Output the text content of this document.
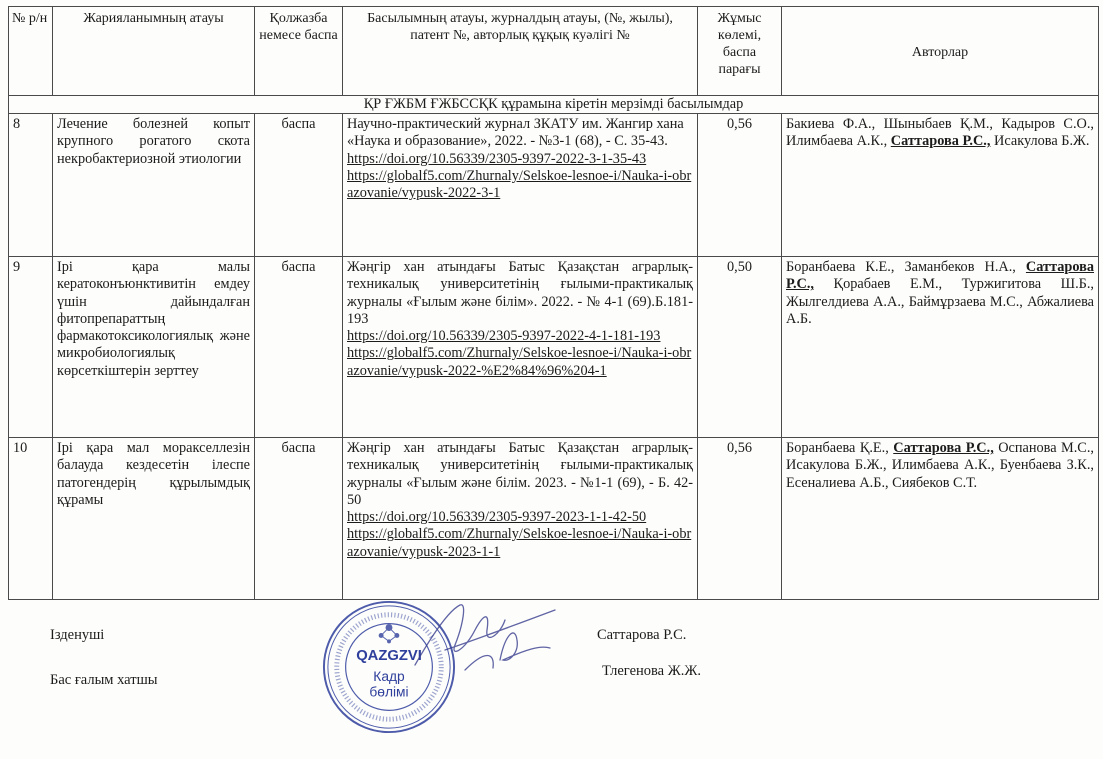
№ р/н	Жарияланымның атауы	Қолжазба немесе баспа	Басылымның атауы, журналдың атауы, (№, жылы), патент №, авторлық құқық куәлігі №	Жұмыс көлемі, баспа парағы	Авторлар
ҚР ҒЖБМ ҒЖБССҚК құрамына кіретін мерзімді басылымдар					
8	Лечение болезней копыт крупного рогатого скота некробактериозной этиологии	баспа	Научно-практический журнал ЗКАТУ им. Жангир хана «Наука и образование», 2022. - №3-1 (68), - С. 35-43.
https://doi.org/10.56339/2305-9397-2022-3-1-35-43
https://globalf5.com/Zhurnaly/Selskoe-lesnoe-i/Nauka-i-obrazovanie/vypusk-2022-3-1	0,56	Бакиева Ф.А., Шыныбаев Қ.М., Кадыров С.О., Илимбаева А.К., Саттарова Р.С., Исакулова Б.Ж.
9	Ірі қара малы кератоконъюнктивитін емдеу үшін дайындалған фитопрепараттың фармакотоксикологиялық және микробиологиялық көрсеткіштерін зерттеу	баспа	Жәңгір хан атындағы Батыс Қазақстан аграрлық-техникалық университетінің ғылыми-практикалық журналы «Ғылым және білім». 2022. - № 4-1 (69).Б.181-193
https://doi.org/10.56339/2305-9397-2022-4-1-181-193
https://globalf5.com/Zhurnaly/Selskoe-lesnoe-i/Nauka-i-obrazovanie/vypusk-2022-%E2%84%96%204-1	0,50	Боранбаева К.Е., Заманбеков Н.А., Саттарова Р.С., Қорабаев Е.М., Туржигитова Ш.Б., Жылгелдиева А.А., Баймұрзаева М.С., Абжалиева А.Б.
10	Ірі қара мал моракселлезін балауда кездесетін ілеспе патогендерің құрылымдық құрамы	баспа	Жәңгір хан атындағы Батыс Қазақстан аграрлық-техникалық университетінің ғылыми-практикалық журналы «Ғылым және білім. 2023. - №1-1 (69), - Б. 42-50
https://doi.org/10.56339/2305-9397-2023-1-1-42-50
https://globalf5.com/Zhurnaly/Selskoe-lesnoe-i/Nauka-i-obrazovanie/vypusk-2023-1-1	0,56	Боранбаева Қ.Е., Саттарова Р.С., Оспанова М.С., Исакулова Б.Ж., Илимбаева А.К., Буенбаева З.К., Есеналиева А.Б., Сиябеков С.Т.
Ізденуші	Саттарова Р.С.
Бас ғалым хатшы
Тлегенова Ж.Ж.
QAZGZVI
Кадр
бөлімі
